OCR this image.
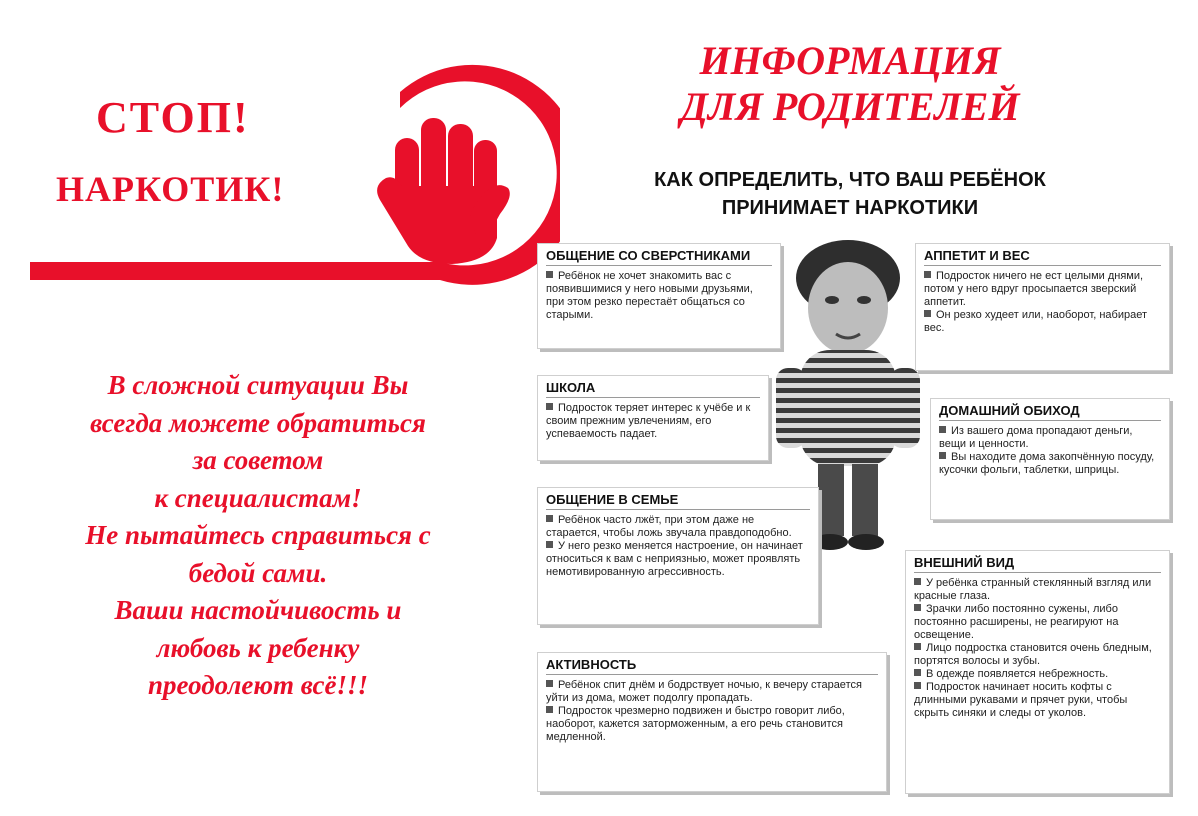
СТОП!
НАРКОТИК!
ИНФОРМАЦИЯ
ДЛЯ РОДИТЕЛЕЙ
КАК ОПРЕДЕЛИТЬ, ЧТО ВАШ РЕБЁНОК
ПРИНИМАЕТ НАРКОТИКИ
ОБЩЕНИЕ СО СВЕРСТНИКАМИ

Ребёнок не хочет знакомить вас с появившимися у него новыми друзьями, при этом резко перестаёт общаться со старыми.

ШКОЛА

Подросток теряет интерес к учёбе и к своим прежним увлечениям, его успеваемость падает.

ОБЩЕНИЕ В СЕМЬЕ

Ребёнок часто лжёт, при этом даже не старается, чтобы ложь звучала правдоподобно.

У него резко меняется настроение, он начинает относиться к вам с неприязнью, может проявлять немотивированную агрессивность.

АКТИВНОСТЬ

Ребёнок спит днём и бодрствует ночью, к вечеру старается уйти из дома, может подолгу пропадать.

Подросток чрезмерно подвижен и быстро говорит либо, наоборот, кажется заторможенным, а его речь становится медленной.

АППЕТИТ И ВЕС

Подросток ничего не ест целыми днями, потом у него вдруг просыпается зверский аппетит.

Он резко худеет или, наоборот, набирает вес.

ДОМАШНИЙ ОБИХОД

Из вашего дома пропадают деньги, вещи и ценности.

Вы находите дома закопчённую посуду, кусочки фольги, таблетки, шприцы.

ВНЕШНИЙ ВИД

У ребёнка странный стеклянный взгляд или красные глаза.

Зрачки либо постоянно сужены, либо постоянно расширены, не реагируют на освещение.

Лицо подростка становится очень бледным, портятся волосы и зубы.

В одежде появляется небрежность.

Подросток начинает носить кофты с длинными рукавами и прячет руки, чтобы скрыть синяки и следы от уколов.

В сложной ситуации Вы
всегда можете обратиться
за советом
к специалистам!
Не пытайтесь справиться с
бедой сами.
Ваши настойчивость и
любовь к ребенку
преодолеют всё!!!
